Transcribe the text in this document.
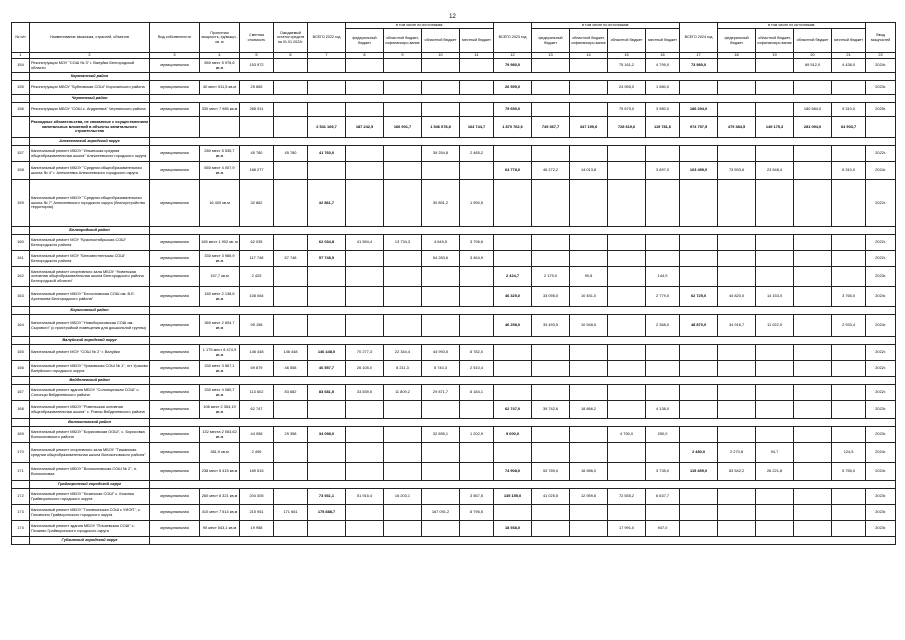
12
№ п/п	Наименование заказчика, отраслей, объектов	Вид собственности	Проектная мощность, ед/мощн., кв. м	Сметная стоимость	Ожидаемый остаток средств на 01.01.2022г.	ВСЕГО 2022 год	в том числе по источникам:				ВСЕГО 2023 год	в том числе по источникам:				ВСЕГО 2024 год	в том числе по источникам:				Ввод мощностей
							федеральный бюджет	областной бюджет, софинансиро-вание	областной бюджет	местный бюджет		федеральный бюджет	областной бюджет, софинансиро-вание	областной бюджет	местный бюджет		федеральный бюджет	областной бюджет, софинансиро-вание	областной бюджет	местный бюджет	
1	2	3	4	5	6	7	8	9	10	11	12	13	14	15	16	17	18	19	20	21	22
154	Реконструкция МОУ "СОШ № 3" г. Валуйки Белгородской области	муниципальная	850 мест 5 976,6 кв.м	153 972							79 980,0			75 161,2	4 799,0	73 980,0			69 512,0	4 438,0	2024г.
	Корочанский район																				
155	Реконструкция МБОУ "Бубновская СОШ" Корочанского района	муниципальная	40 мест 511,5 кв.м	25 665							26 595,0			24 955,0	1 580,0						2023г.
	Чернянский район																				
156	Реконструкция МБОУ "СОШ с. Андреевка" Чернянского района	муниципальная	330 мест 7 985 кв.м	265 911							79 650,0			75 670,0	3 980,0	186 294,0			180 584,0	9 310,0	2025г.
	Расходные обязательства, не связанные с осуществлением капитальных вложений в объекты капитального строительства					2 541 169,7	187 242,5	166 901,7	1 546 078,8	164 744,7	1 870 762,6	749 367,7	347 199,6	728 619,6	119 781,6	974 757,5	479 384,5	149 175,3	281 094,0	64 903,7	
	Алексеевский городской округ																				
157	Капитальный ремонт МБОУ "Ильинская средняя общеобразовательная школа" Алексеевского городского округа	муниципальная	280 мест 5 535,7 кв.м	45 780	45 780	41 760,0			39 254,8	2 485,2											2022г.
158	Капитальный ремонт МБОУ "Средняя общеобразовательная школа № 4" г. Алексеевка Алексеевского городского округа	муниципальная	650 мест 4 007,9 кв.м	168 277							64 778,0	46 272,2	14 013,8		3 897,0	103 499,0	73 593,6	23 548,4		6 310,0	2024г.
159	Капитальный ремонт МБОУ "Средняя общеобразовательная школа № 7" Алексеевского городского округа (благоустройство территории)	муниципальная	16 400 кв.м	32 862		32 861,7			30 891,2	1 990,5											2022г.
	Белгородский район																				
160	Капитальный ремонт МОУ "Красноктябрьская СОШ" Белгородского района	муниципальная	165 мест 1 902 кв. м	62 035		62 034,8	41 554,4	13 734,3	4 649,5	3 796,6											2022г.
161	Капитальный ремонт МОУ "Беломестненская СОШ" Белгородского района	муниципальная	330 мест 3 985,9 кв.м	117 748	57 748	57 748,5			54 283,6	3 464,9											2022г.
162	Капитальный ремонт спортивного зала МБОУ "Новенская основная общеобразовательная школа Белгородского района Белгородской области"	муниципальная	157,7 кв.м	2 425							2 424,7	2 179,0	90,8		144,9						2023г.
163	Капитальный ремонт МБОУ "Бессоновская СОШ им. В.Е. Арсеньева Белгородского района"	муниципальная	180 мест 2 138,5 кв.м	108 064							46 325,0	33 095,0	10 451,0		2 779,0	62 725,0	44 820,0	14 153,0		3 765,0	2024г.
	Борисовский район																				
164	Капитальный ремонт МБОУ "Новоборисовская СОШ им. Сырового" (с пристройкой помещения для дошкольной группы)	муниципальная	360 мест 2 694,7 кв.м	95 158							46 258,0	33 493,5	10 948,5		2 368,0	48 870,0	34 916,7	11 022,9		2 933,4	2024г.
	Валуйский городской округ																				
165	Капитальный ремонт МОУ "СОШ № 2" г. Валуйки	муниципальная	1 175 мест 8 474,9 кв.м	146 448	146 448	146 448,0	70 277,3	22 344,4	44 993,5	8 782,0											2022г.
166	Капитальный ремонт МБОУ "Уразовская СОШ № 1", пгт Уразово Валуйского городского округа	муниципальная	330 мест 3 567,1 кв.м	69 879	46 558	46 557,7	26 105,0	8 211,3	5 740,3	2 510,4											2022г.
	Вейделевский район																				
167	Капитальный ремонт здания МБОУ "Солонцинская СОШ" с. Солонцы Вейделевского района	муниципальная	330 мест 4 080,7 кв.м	113 602	83 682	83 681,5	33 839,5	11 809,2	29 871,7	8 184,1											2022г.
168	Капитальный ремонт МБОУ "Ровеньская основная общеобразовательная школа" с. Ровны Вейделевского района	муниципальная	106 мест 2 354,19 кв.м	62 747							62 747,0	39 742,6	18 866,2		4 138,0						2023г.
	Волоконовский район																				
169	Капитальный ремонт МБОУ "Борисовская ООШ", с. Борисовка Волоконовского района	муниципальная	132 места 2 063,62 кв.м	44 058	29 358	34 098,0			32 895,1	1 202,9	9 000,0			4 750,0	250,0						2023г.
170	Капитальный ремонт спортивного зала МБОУ "Тишанская средняя общеобразовательная школа Волоконовского района"	муниципальная	381,9 кв.м	2 496												2 480,0	2 270,8	94,7		124,5	2024г.
171	Капитальный ремонт МБОУ "Волоконовская СОШ № 2", п. Волоконовка	муниципальная	238 мест 5 415 кв.м	189 515							74 908,0	53 789,0	16 986,0		3 735,0	115 459,0	83 542,2	26 221,8		5 755,0	2024г.
	Грайворонский городской округ																				
172	Капитальный ремонт МБОУ "Козинская СОШ" с. Козинка Грайворонского городского округа	муниципальная	260 мест 6 321 кв.м	204 305		73 931,1	51 915,4	16 203,1		3 567,5	135 155,0	41 025,5	12 959,6	72 555,2	6 637,7						2023г.
173	Капитальный ремонт МБОУ "Головчинская СОШ с УИОП", с. Головчино Грайворонского городского округа	муниципальная	410 мест 7 514 кв.м	215 951	171 661	175 888,7			167 091,2	8 796,5											2023г.
174	Капитальный ремонт здания МБОУ "Почаевская СОШ" с. Почаево Грайворонского городского округа	муниципальная	90 мест 543,1 кв.м	19 958							18 938,0			17 991,0	947,0						2023г.
	Губкинский городской округ																				
